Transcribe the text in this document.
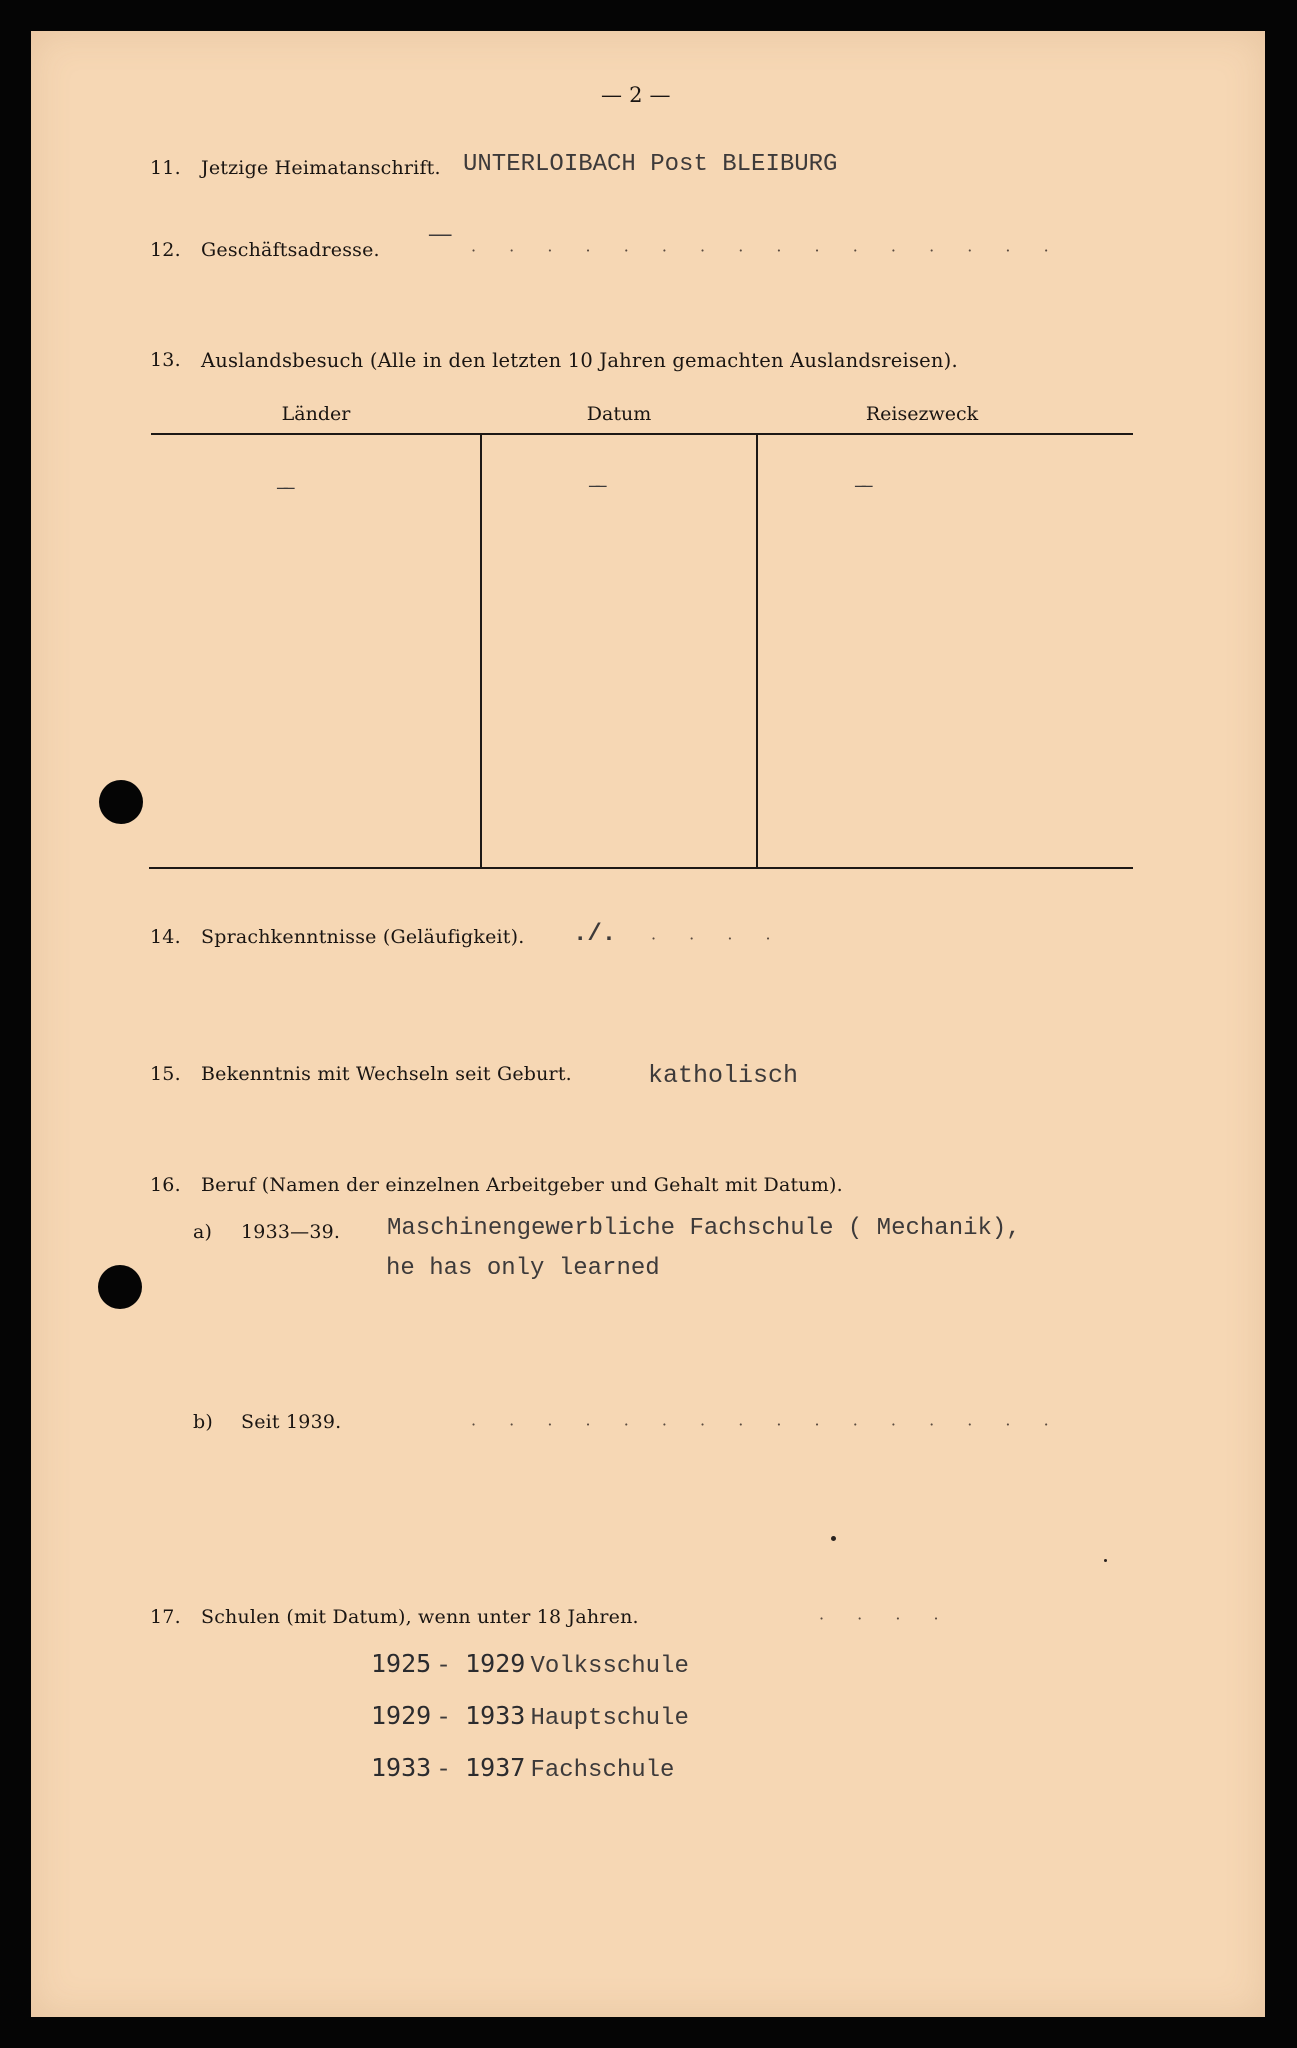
— 2 —
11. Jetzige Heimatanschrift. UNTERLOIBACH Post BLEIBURG
12. Geschäftsadresse.
——
· · · · · · · · · · · · · · · ·
13. Auslandsbesuch (Alle in den letzten 10 Jahren gemachten Auslandsreisen).
Länder	Datum	Reisezweck
——	——	——
14. Sprachkenntnisse (Geläufigkeit). ./. · · · ·
15. Bekenntnis mit Wechseln seit Geburt.	katholisch
16. Beruf (Namen der einzelnen Arbeitgeber und Gehalt mit Datum).
a) 1933—39. Maschinengewerbliche Fachschule ( Mechanik),
he has only learned
b) Seit 1939.	· · · · · · · · · · · · · · · ·
17. Schulen (mit Datum), wenn unter 18 Jahren.	· · · ·
1925 - 1929 Volksschule
1929 - 1933 Hauptschule
1933 - 1937 Fachschule
